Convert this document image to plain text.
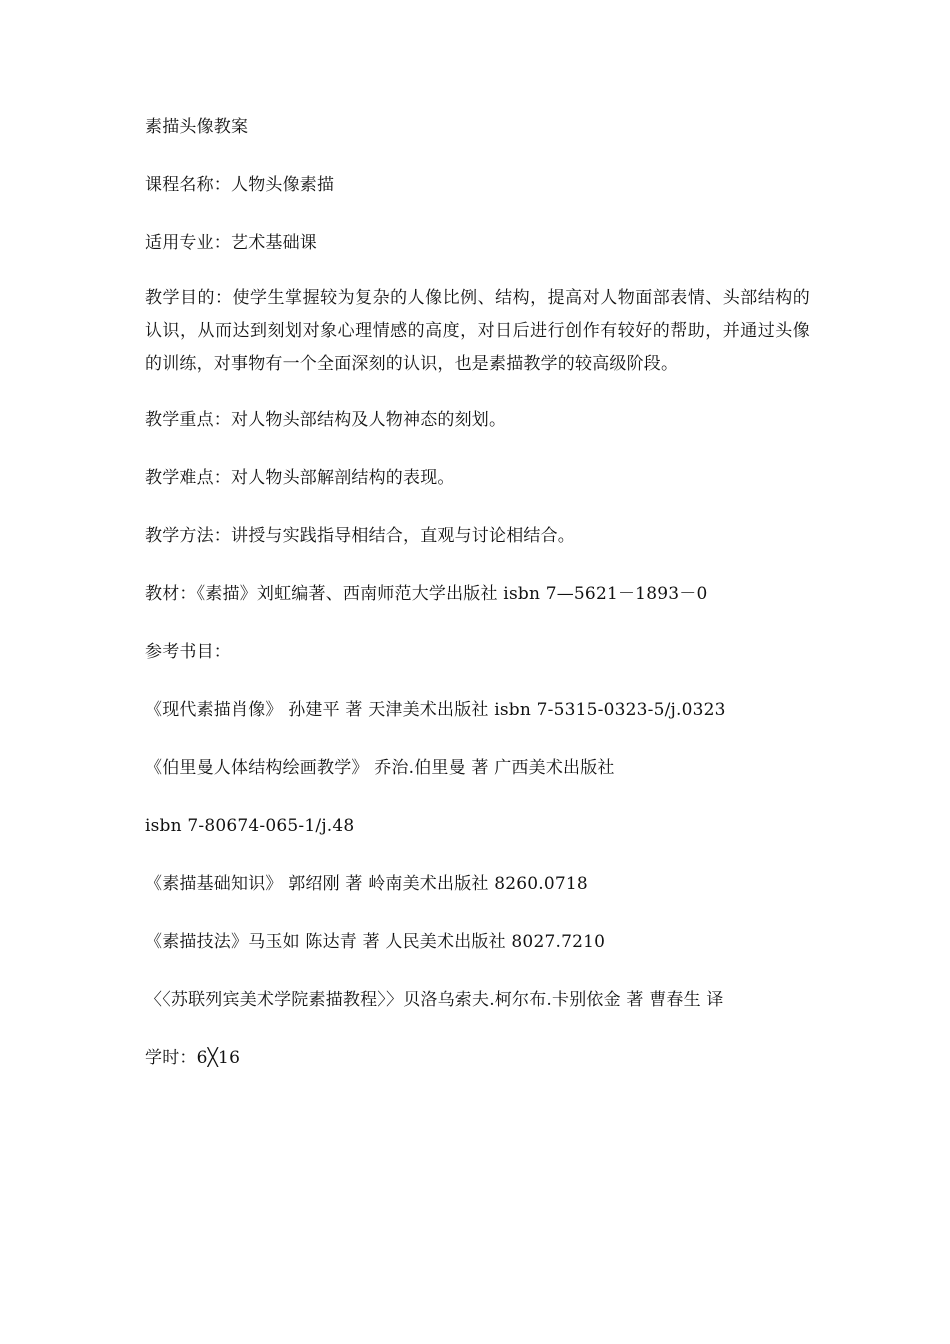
素描头像教案

课程名称：人物头像素描

适用专业：艺术基础课

教学目的：使学生掌握较为复杂的人像比例、结构，提高对人物面部表情、头部结构的认识，从而达到刻划对象心理情感的高度，对日后进行创作有较好的帮助，并通过头像的训练，对事物有一个全面深刻的认识，也是素描教学的较高级阶段。

教学重点：对人物头部结构及人物神态的刻划。

教学难点：对人物头部解剖结构的表现。

教学方法：讲授与实践指导相结合，直观与讨论相结合。

教材：《素描》刘虹编著、西南师范大学出版社 isbn 7—5621－1893－0

参考书目：

《现代素描肖像》 孙建平 著 天津美术出版社 isbn 7-5315-0323-5/j.0323

《伯里曼人体结构绘画教学》 乔治.伯里曼 著 广西美术出版社

isbn 7-80674-065-1/j.48

《素描基础知识》 郭绍刚 著 岭南美术出版社 8260.0718

《素描技法》马玉如 陈达青 著 人民美术出版社 8027.7210

〈〈苏联列宾美术学院素描教程〉〉贝洛乌索夫.柯尔布.卡别依金 著 曹春生 译

学时：6╳16
